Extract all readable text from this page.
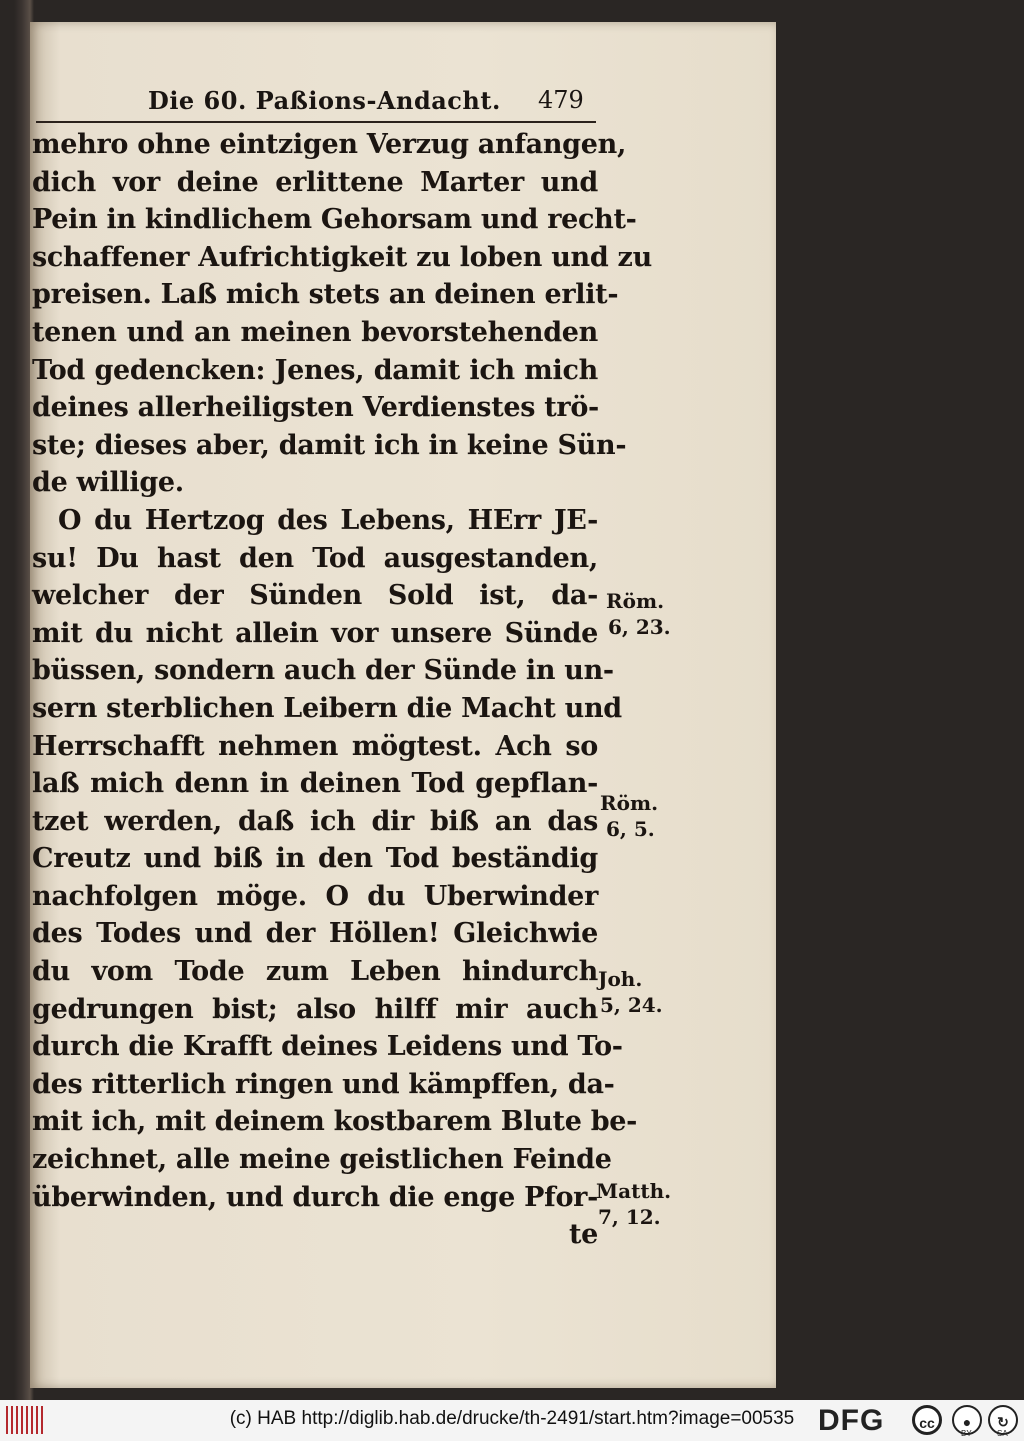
Die 60. Paßions-Andacht. 479
mehro ohne eintzigen Verzug anfangen,
dich vor deine erlittene Marter und
Pein in kindlichem Gehorsam und recht-
schaffener Aufrichtigkeit zu loben und zu
preisen. Laß mich stets an deinen erlit-
tenen und an meinen bevorstehenden
Tod gedencken: Jenes, damit ich mich
deines allerheiligsten Verdienstes trö-
ste; dieses aber, damit ich in keine Sün-
de willige.
O du Hertzog des Lebens, HErr JE-
su! Du hast den Tod ausgestanden,
welcher der Sünden Sold ist, da-
mit du nicht allein vor unsere Sünde
büssen, sondern auch der Sünde in un-
sern sterblichen Leibern die Macht und
Herrschafft nehmen mögtest. Ach so
laß mich denn in deinen Tod gepflan-
tzet werden, daß ich dir biß an das
Creutz und biß in den Tod beständig
nachfolgen möge. O du Uberwinder
des Todes und der Höllen! Gleichwie
du vom Tode zum Leben hindurch
gedrungen bist; also hilff mir auch
durch die Krafft deines Leidens und To-
des ritterlich ringen und kämpffen, da-
mit ich, mit deinem kostbarem Blute be-
zeichnet, alle meine geistlichen Feinde
überwinden, und durch die enge Pfor-
te
Röm.
6, 23.
Röm.
6, 5.
Joh.
5, 24.
Matth.
7, 12.
(c) HAB http://diglib.hab.de/drucke/th-2491/start.htm?image=00535 DFG	cc	●
BY
↻
SA
